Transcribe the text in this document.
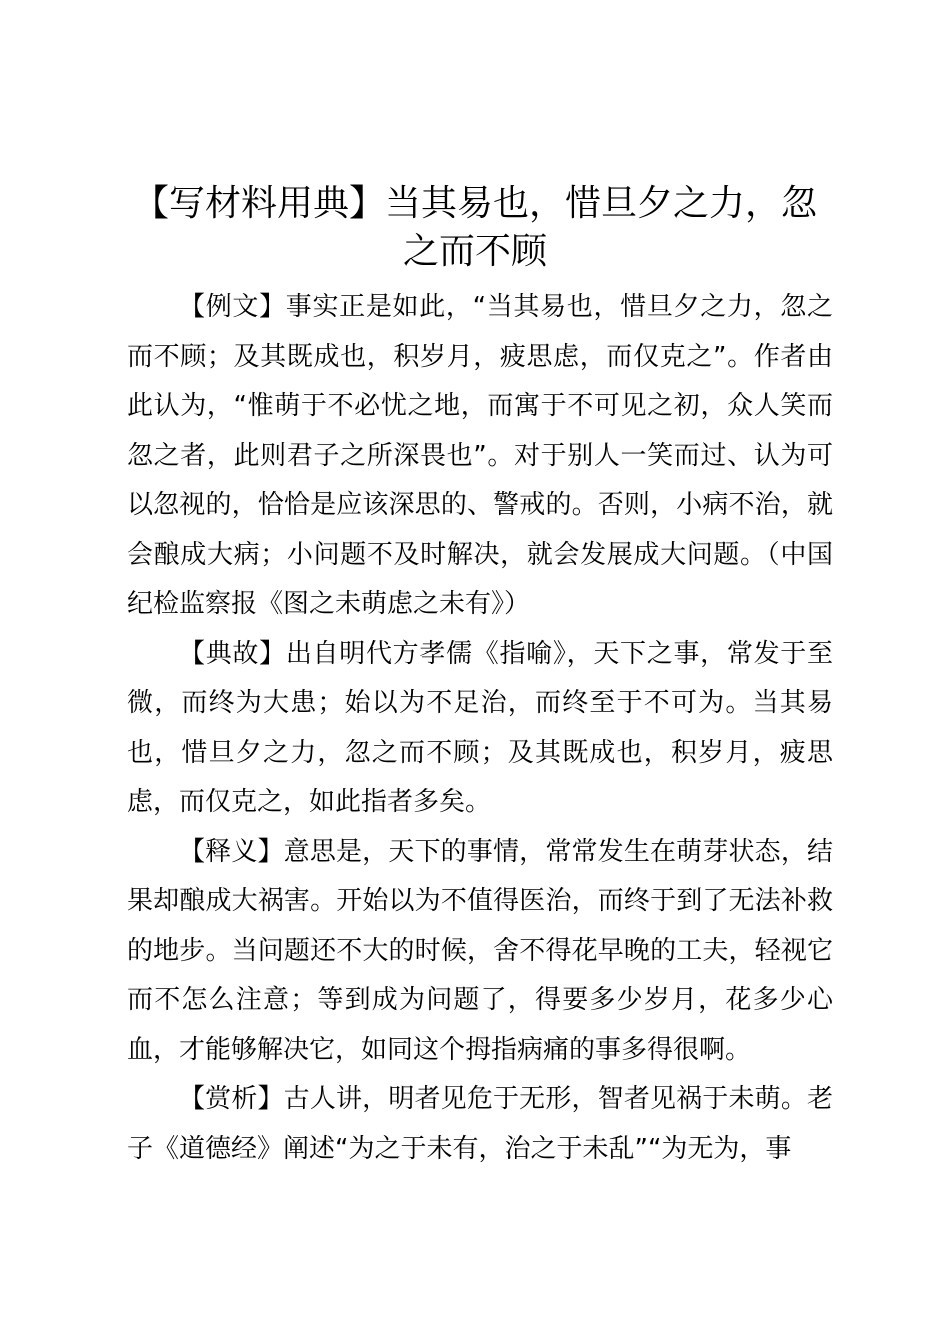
【写材料用典】当其易也，惜旦夕之力，忽之而不顾

【例文】事实正是如此，“当其易也，惜旦夕之力，忽之而不顾；及其既成也，积岁月，疲思虑，而仅克之”。作者由此认为，“惟萌于不必忧之地，而寓于不可见之初，众人笑而忽之者，此则君子之所深畏也”。对于别人一笑而过、认为可以忽视的，恰恰是应该深思的、警戒的。否则，小病不治，就会酿成大病；小问题不及时解决，就会发展成大问题。（中国纪检监察报《图之未萌虑之未有》）

【典故】出自明代方孝儒《指喻》，天下之事，常发于至微，而终为大患；始以为不足治，而终至于不可为。当其易也，惜旦夕之力，忽之而不顾；及其既成也，积岁月，疲思虑，而仅克之，如此指者多矣。

【释义】意思是，天下的事情，常常发生在萌芽状态，结果却酿成大祸害。开始以为不值得医治，而终于到了无法补救的地步。当问题还不大的时候，舍不得花早晚的工夫，轻视它而不怎么注意；等到成为问题了，得要多少岁月，花多少心血，才能够解决它，如同这个拇指病痛的事多得很啊。

【赏析】古人讲，明者见危于无形，智者见祸于未萌。老子《道德经》阐述“为之于未有，治之于未乱”“为无为，事
